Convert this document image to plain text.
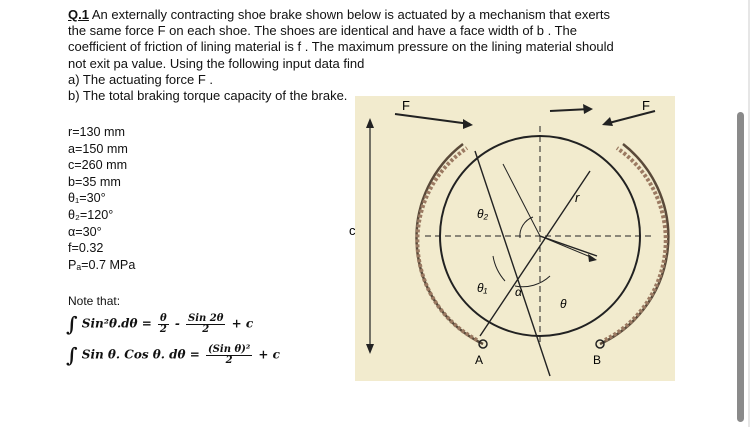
Q.1 An externally contracting shoe brake shown below is actuated by a mechanism that exerts

the same force F on each shoe. The shoes are identical and have a face width of b . The

coefficient of friction of lining material is f . The maximum pressure on the lining material should

not exit pa value. Using the following input data find

a) The actuating force F .

b) The total braking torque capacity of the brake.

r=130 mm
a=150 mm
c=260 mm
b=35 mm
θ₁=30°
θ₂=120°
α=30°
f=0.32
Pₐ=0.7 MPa
Note that:
∫ $Sin^2\theta.d\theta = \frac{\theta}{2} - \frac{\text{Sin 2θ}}{2} + c$
∫ Sin θ. Cos θ. $d\theta = \frac{\text{(Sin θ)²}}{2} + c$
F	F
c
θ₂
r
θ₁ α
θ
A	B
